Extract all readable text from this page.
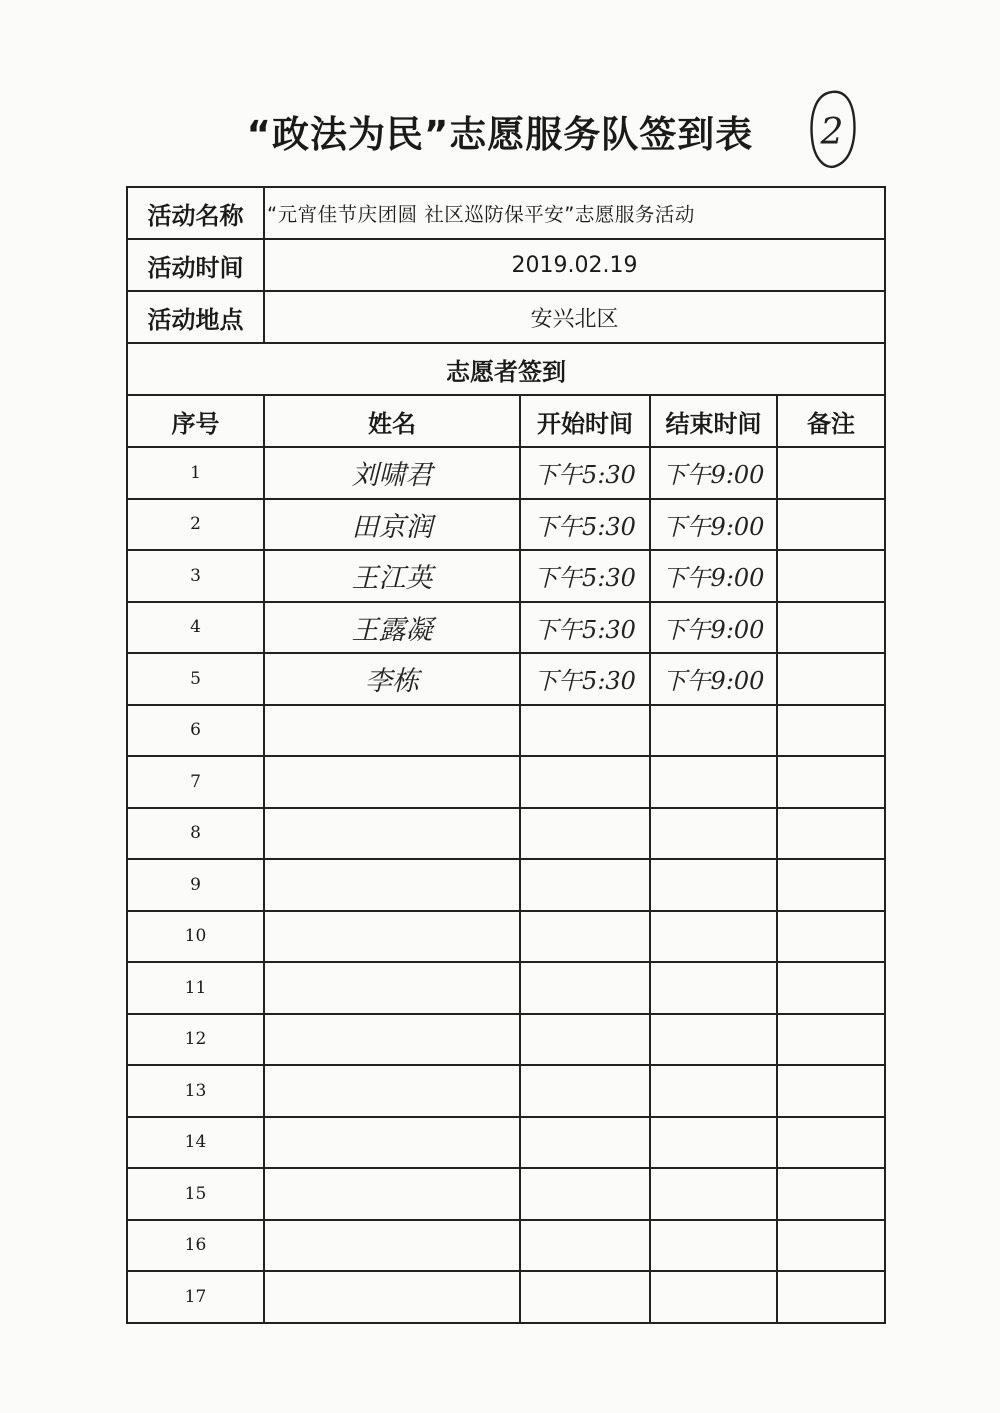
“政法为民”志愿服务队签到表	2
活动名称	“元宵佳节庆团圆 社区巡防保平安”志愿服务活动			
活动时间	2019.02.19			
活动地点	安兴北区			
志愿者签到				
序号	姓名	开始时间	结束时间	备注
1	刘啸君	下午5:30	下午9:00	
2	田京润	下午5:30	下午9:00	
3	王江英	下午5:30	下午9:00	
4	王露凝	下午5:30	下午9:00	
5	李栋	下午5:30	下午9:00	
6				
7				
8				
9				
10				
11				
12				
13				
14				
15				
16				
17				
